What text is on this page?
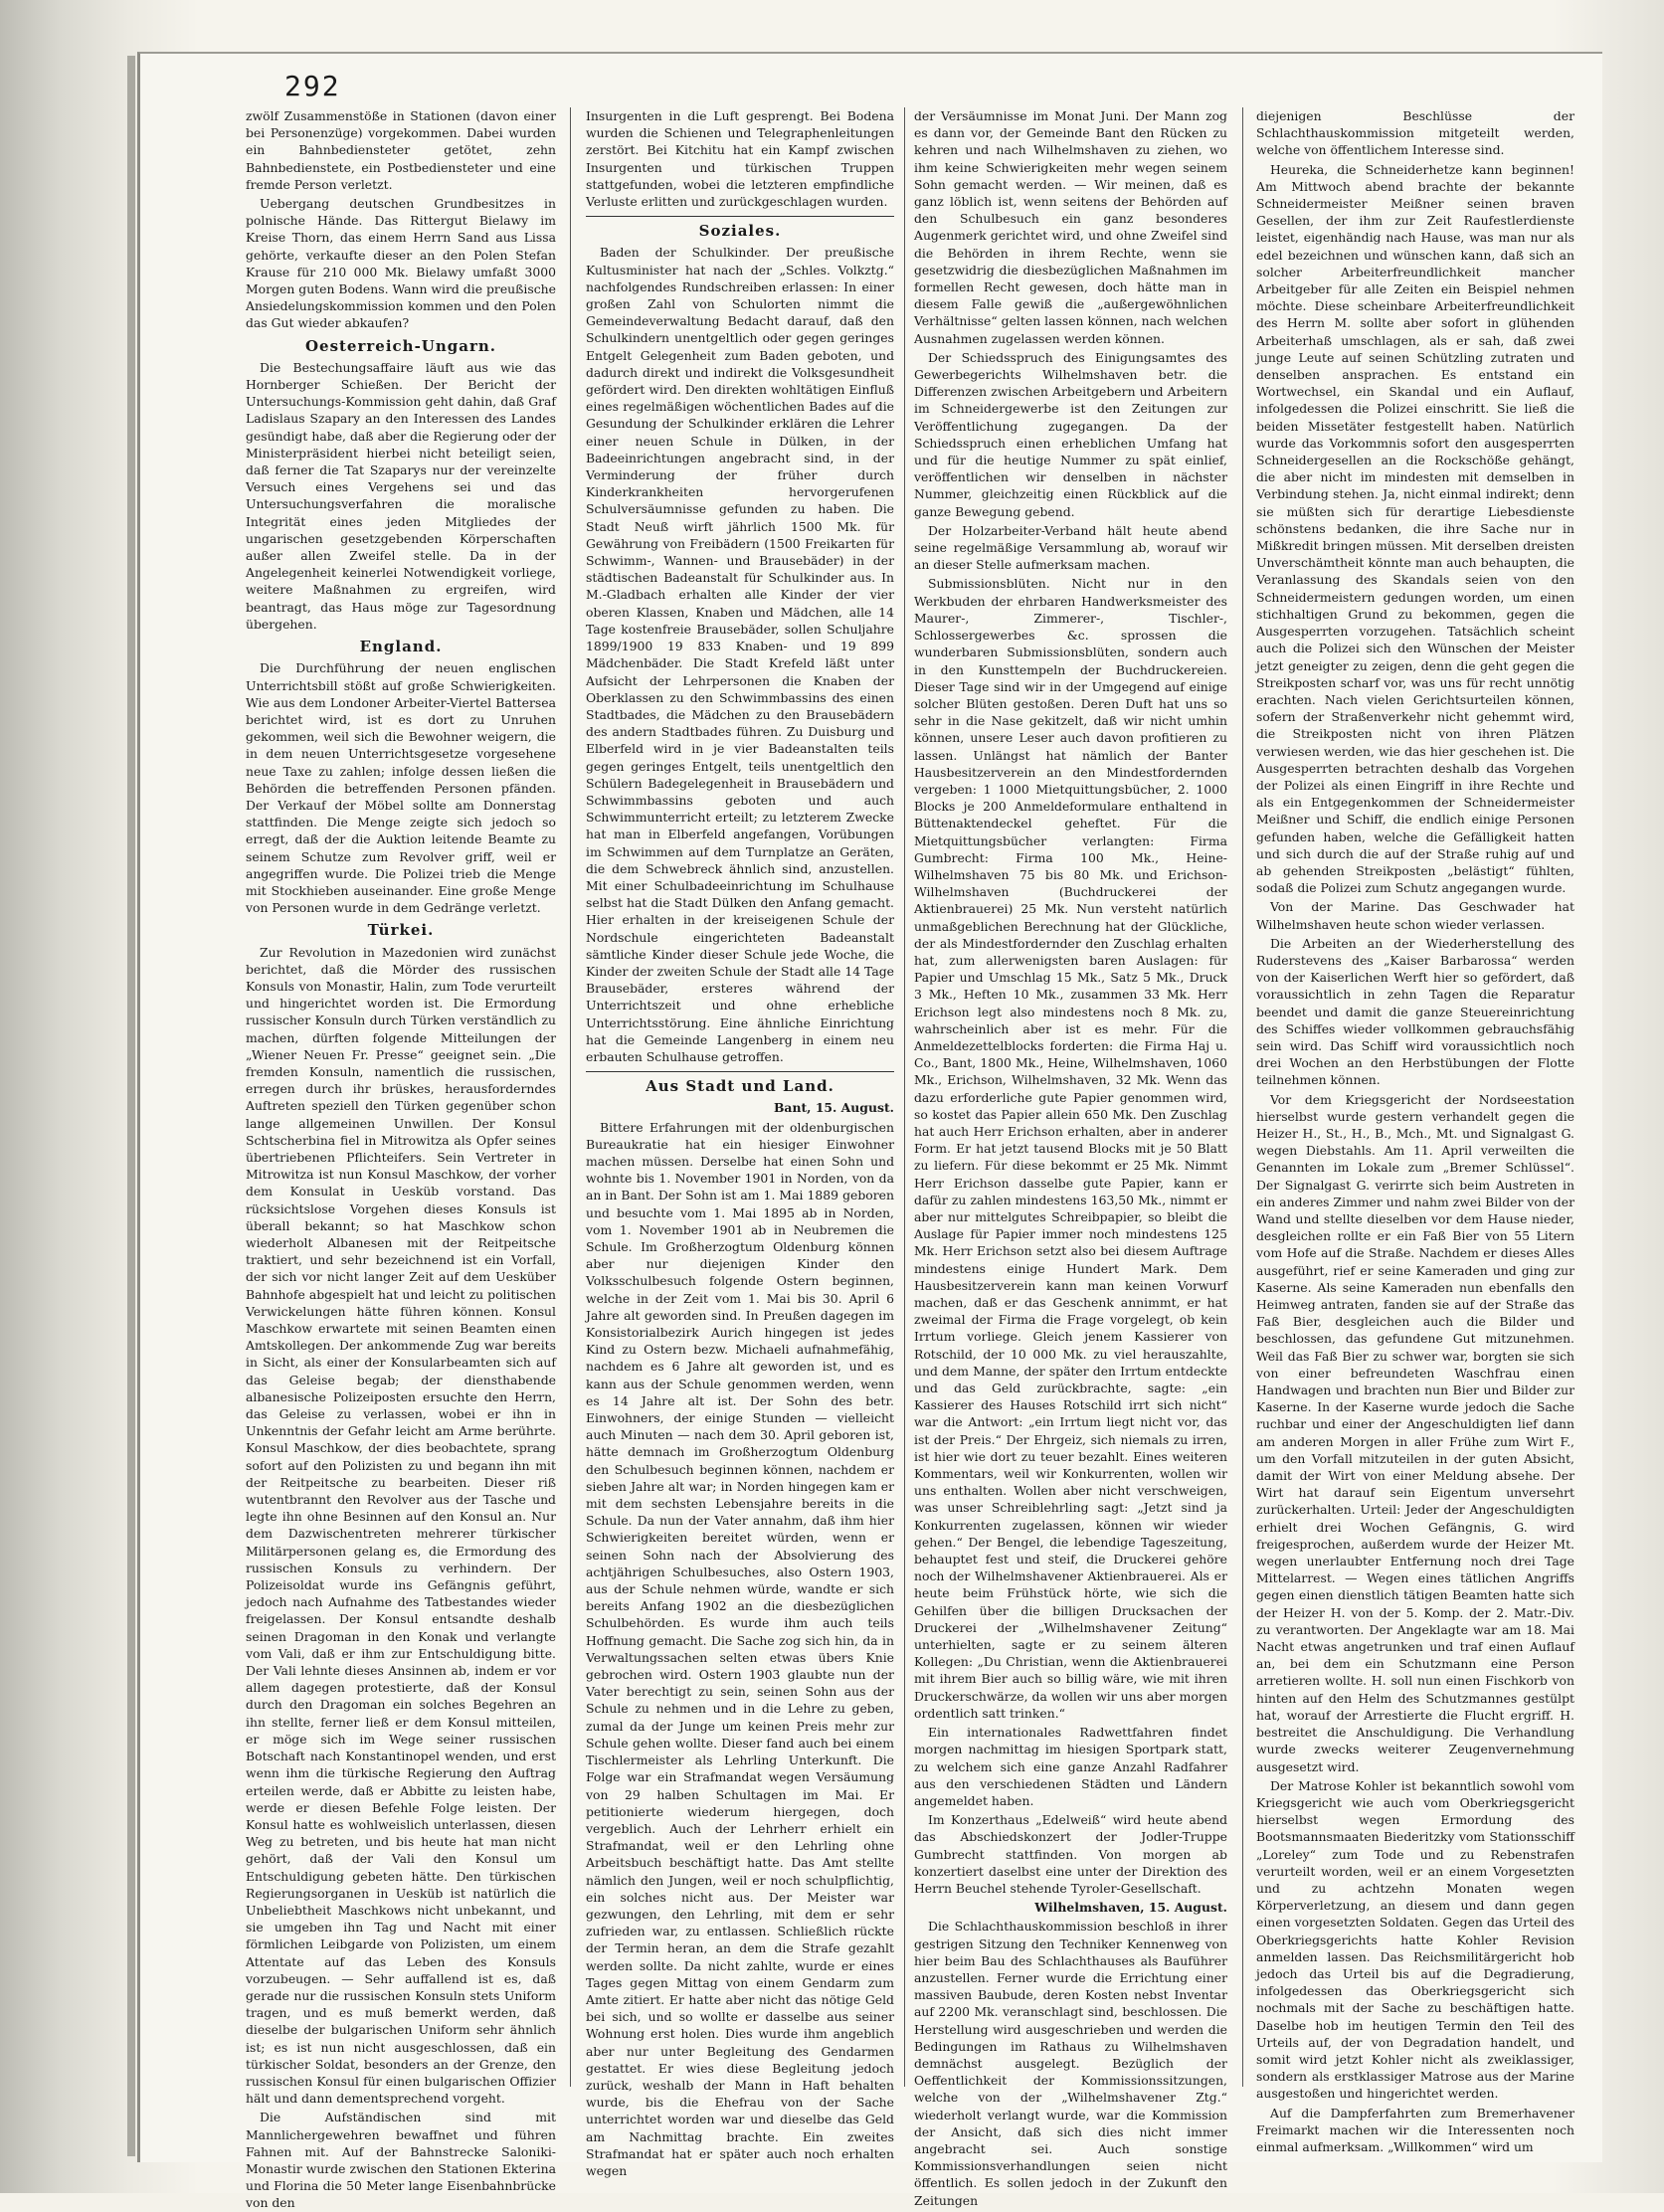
292

zwölf Zusammenstöße in Stationen (davon einer bei Personenzüge) vorgekommen. Dabei wurden ein Bahnbediensteter getötet, zehn Bahnbedienstete, ein Postbediensteter und eine fremde Person verletzt.

Uebergang deutschen Grundbesitzes in polnische Hände. Das Rittergut Bielawy im Kreise Thorn, das einem Herrn Sand aus Lissa gehörte, verkaufte dieser an den Polen Stefan Krause für 210 000 Mk. Bielawy umfaßt 3000 Morgen guten Bodens. Wann wird die preußische Ansiedelungskommission kommen und den Polen das Gut wieder abkaufen?

Oesterreich-Ungarn.

Die Bestechungsaffaire läuft aus wie das Hornberger Schießen. Der Bericht der Untersuchungs-Kommission geht dahin, daß Graf Ladislaus Szapary an den Interessen des Landes gesündigt habe, daß aber die Regierung oder der Ministerpräsident hierbei nicht beteiligt seien, daß ferner die Tat Szaparys nur der vereinzelte Versuch eines Vergehens sei und das Untersuchungsverfahren die moralische Integrität eines jeden Mitgliedes der ungarischen gesetzgebenden Körperschaften außer allen Zweifel stelle. Da in der Angelegenheit keinerlei Notwendigkeit vorliege, weitere Maßnahmen zu ergreifen, wird beantragt, das Haus möge zur Tagesordnung übergehen.

England.

Die Durchführung der neuen englischen Unterrichtsbill stößt auf große Schwierigkeiten. Wie aus dem Londoner Arbeiter-Viertel Battersea berichtet wird, ist es dort zu Unruhen gekommen, weil sich die Bewohner weigern, die in dem neuen Unterrichtsgesetze vorgesehene neue Taxe zu zahlen; infolge dessen ließen die Behörden die betreffenden Personen pfänden. Der Verkauf der Möbel sollte am Donnerstag stattfinden. Die Menge zeigte sich jedoch so erregt, daß der die Auktion leitende Beamte zu seinem Schutze zum Revolver griff, weil er angegriffen wurde. Die Polizei trieb die Menge mit Stockhieben auseinander. Eine große Menge von Personen wurde in dem Gedränge verletzt.

Türkei.

Zur Revolution in Mazedonien wird zunächst berichtet, daß die Mörder des russischen Konsuls von Monastir, Halin, zum Tode verurteilt und hingerichtet worden ist. Die Ermordung russischer Konsuln durch Türken verständlich zu machen, dürften folgende Mitteilungen der „Wiener Neuen Fr. Presse“ geeignet sein. „Die fremden Konsuln, namentlich die russischen, erregen durch ihr brüskes, herausforderndes Auftreten speziell den Türken gegenüber schon lange allgemeinen Unwillen. Der Konsul Schtscherbina fiel in Mitrowitza als Opfer seines übertriebenen Pflichteifers. Sein Vertreter in Mitrowitza ist nun Konsul Maschkow, der vorher dem Konsulat in Uesküb vorstand. Das rücksichtslose Vorgehen dieses Konsuls ist überall bekannt; so hat Maschkow schon wiederholt Albanesen mit der Reitpeitsche traktiert, und sehr bezeichnend ist ein Vorfall, der sich vor nicht langer Zeit auf dem Uesküber Bahnhofe abgespielt hat und leicht zu politischen Verwickelungen hätte führen können. Konsul Maschkow erwartete mit seinen Beamten einen Amtskollegen. Der ankommende Zug war bereits in Sicht, als einer der Konsularbeamten sich auf das Geleise begab; der diensthabende albanesische Polizeiposten ersuchte den Herrn, das Geleise zu verlassen, wobei er ihn in Unkenntnis der Gefahr leicht am Arme berührte. Konsul Maschkow, der dies beobachtete, sprang sofort auf den Polizisten zu und begann ihn mit der Reitpeitsche zu bearbeiten. Dieser riß wutentbrannt den Revolver aus der Tasche und legte ihn ohne Besinnen auf den Konsul an. Nur dem Dazwischentreten mehrerer türkischer Militärpersonen gelang es, die Ermordung des russischen Konsuls zu verhindern. Der Polizeisoldat wurde ins Gefängnis geführt, jedoch nach Aufnahme des Tatbestandes wieder freigelassen. Der Konsul entsandte deshalb seinen Dragoman in den Konak und verlangte vom Vali, daß er ihm zur Entschuldigung bitte. Der Vali lehnte dieses Ansinnen ab, indem er vor allem dagegen protestierte, daß der Konsul durch den Dragoman ein solches Begehren an ihn stellte, ferner ließ er dem Konsul mitteilen, er möge sich im Wege seiner russischen Botschaft nach Konstantinopel wenden, und erst wenn ihm die türkische Regierung den Auftrag erteilen werde, daß er Abbitte zu leisten habe, werde er diesen Befehle Folge leisten. Der Konsul hatte es wohlweislich unterlassen, diesen Weg zu betreten, und bis heute hat man nicht gehört, daß der Vali den Konsul um Entschuldigung gebeten hätte. Den türkischen Regierungsorganen in Uesküb ist natürlich die Unbeliebtheit Maschkows nicht unbekannt, und sie umgeben ihn Tag und Nacht mit einer förmlichen Leibgarde von Polizisten, um einem Attentate auf das Leben des Konsuls vorzubeugen. — Sehr auffallend ist es, daß gerade nur die russischen Konsuln stets Uniform tragen, und es muß bemerkt werden, daß dieselbe der bulgarischen Uniform sehr ähnlich ist; es ist nun nicht ausgeschlossen, daß ein türkischer Soldat, besonders an der Grenze, den russischen Konsul für einen bulgarischen Offizier hält und dann dementsprechend vorgeht.

Die Aufständischen sind mit Mannlichergewehren bewaffnet und führen Fahnen mit. Auf der Bahnstrecke Saloniki-Monastir wurde zwischen den Stationen Ekterina und Florina die 50 Meter lange Eisenbahnbrücke von den

Insurgenten in die Luft gesprengt. Bei Bodena wurden die Schienen und Telegraphenleitungen zerstört. Bei Kitchitu hat ein Kampf zwischen Insurgenten und türkischen Truppen stattgefunden, wobei die letzteren empfindliche Verluste erlitten und zurückgeschlagen wurden.

Soziales.

Baden der Schulkinder. Der preußische Kultusminister hat nach der „Schles. Volkztg.“ nachfolgendes Rundschreiben erlassen: In einer großen Zahl von Schulorten nimmt die Gemeindeverwaltung Bedacht darauf, daß den Schulkindern unentgeltlich oder gegen geringes Entgelt Gelegenheit zum Baden geboten, und dadurch direkt und indirekt die Volksgesundheit gefördert wird. Den direkten wohltätigen Einfluß eines regelmäßigen wöchentlichen Bades auf die Gesundung der Schulkinder erklären die Lehrer einer neuen Schule in Dülken, in der Badeeinrichtungen angebracht sind, in der Verminderung der früher durch Kinderkrankheiten hervorgerufenen Schulversäumnisse gefunden zu haben. Die Stadt Neuß wirft jährlich 1500 Mk. für Gewährung von Freibädern (1500 Freikarten für Schwimm-, Wannen- und Brausebäder) in der städtischen Badeanstalt für Schulkinder aus. In M.-Gladbach erhalten alle Kinder der vier oberen Klassen, Knaben und Mädchen, alle 14 Tage kostenfreie Brausebäder, sollen Schuljahre 1899/1900 19 833 Knaben- und 19 899 Mädchenbäder. Die Stadt Krefeld läßt unter Aufsicht der Lehrpersonen die Knaben der Oberklassen zu den Schwimmbassins des einen Stadtbades, die Mädchen zu den Brausebädern des andern Stadtbades führen. Zu Duisburg und Elberfeld wird in je vier Badeanstalten teils gegen geringes Entgelt, teils unentgeltlich den Schülern Badegelegenheit in Brausebädern und Schwimmbassins geboten und auch Schwimmunterricht erteilt; zu letzterem Zwecke hat man in Elberfeld angefangen, Vorübungen im Schwimmen auf dem Turnplatze an Geräten, die dem Schwebreck ähnlich sind, anzustellen. Mit einer Schulbadeeinrichtung im Schulhause selbst hat die Stadt Dülken den Anfang gemacht. Hier erhalten in der kreiseigenen Schule der Nordschule eingerichteten Badeanstalt sämtliche Kinder dieser Schule jede Woche, die Kinder der zweiten Schule der Stadt alle 14 Tage Brausebäder, ersteres während der Unterrichtszeit und ohne erhebliche Unterrichtsstörung. Eine ähnliche Einrichtung hat die Gemeinde Langenberg in einem neu erbauten Schulhause getroffen.

Aus Stadt und Land.
Bant, 15. August.

Bittere Erfahrungen mit der oldenburgischen Bureaukratie hat ein hiesiger Einwohner machen müssen. Derselbe hat einen Sohn und wohnte bis 1. November 1901 in Norden, von da an in Bant. Der Sohn ist am 1. Mai 1889 geboren und besuchte vom 1. Mai 1895 ab in Norden, vom 1. November 1901 ab in Neubremen die Schule. Im Großherzogtum Oldenburg können aber nur diejenigen Kinder den Volksschulbesuch folgende Ostern beginnen, welche in der Zeit vom 1. Mai bis 30. April 6 Jahre alt geworden sind. In Preußen dagegen im Konsistorialbezirk Aurich hingegen ist jedes Kind zu Ostern bezw. Michaeli aufnahmefähig, nachdem es 6 Jahre alt geworden ist, und es kann aus der Schule genommen werden, wenn es 14 Jahre alt ist. Der Sohn des betr. Einwohners, der einige Stunden — vielleicht auch Minuten — nach dem 30. April geboren ist, hätte demnach im Großherzogtum Oldenburg den Schulbesuch beginnen können, nachdem er sieben Jahre alt war; in Norden hingegen kam er mit dem sechsten Lebensjahre bereits in die Schule. Da nun der Vater annahm, daß ihm hier Schwierigkeiten bereitet würden, wenn er seinen Sohn nach der Absolvierung des achtjährigen Schulbesuches, also Ostern 1903, aus der Schule nehmen würde, wandte er sich bereits Anfang 1902 an die diesbezüglichen Schulbehörden. Es wurde ihm auch teils Hoffnung gemacht. Die Sache zog sich hin, da in Verwaltungssachen selten etwas übers Knie gebrochen wird. Ostern 1903 glaubte nun der Vater berechtigt zu sein, seinen Sohn aus der Schule zu nehmen und in die Lehre zu geben, zumal da der Junge um keinen Preis mehr zur Schule gehen wollte. Dieser fand auch bei einem Tischlermeister als Lehrling Unterkunft. Die Folge war ein Strafmandat wegen Versäumung von 29 halben Schultagen im Mai. Er petitionierte wiederum hiergegen, doch vergeblich. Auch der Lehrherr erhielt ein Strafmandat, weil er den Lehrling ohne Arbeitsbuch beschäftigt hatte. Das Amt stellte nämlich den Jungen, weil er noch schulpflichtig, ein solches nicht aus. Der Meister war gezwungen, den Lehrling, mit dem er sehr zufrieden war, zu entlassen. Schließlich rückte der Termin heran, an dem die Strafe gezahlt werden sollte. Da nicht zahlte, wurde er eines Tages gegen Mittag von einem Gendarm zum Amte zitiert. Er hatte aber nicht das nötige Geld bei sich, und so wollte er dasselbe aus seiner Wohnung erst holen. Dies wurde ihm angeblich aber nur unter Begleitung des Gendarmen gestattet. Er wies diese Begleitung jedoch zurück, weshalb der Mann in Haft behalten wurde, bis die Ehefrau von der Sache unterrichtet worden war und dieselbe das Geld am Nachmittag brachte. Ein zweites Strafmandat hat er später auch noch erhalten wegen

der Versäumnisse im Monat Juni. Der Mann zog es dann vor, der Gemeinde Bant den Rücken zu kehren und nach Wilhelmshaven zu ziehen, wo ihm keine Schwierigkeiten mehr wegen seinem Sohn gemacht werden. — Wir meinen, daß es ganz löblich ist, wenn seitens der Behörden auf den Schulbesuch ein ganz besonderes Augenmerk gerichtet wird, und ohne Zweifel sind die Behörden in ihrem Rechte, wenn sie gesetzwidrig die diesbezüglichen Maßnahmen im formellen Recht gewesen, doch hätte man in diesem Falle gewiß die „außergewöhnlichen Verhältnisse“ gelten lassen können, nach welchen Ausnahmen zugelassen werden können.

Der Schiedsspruch des Einigungsamtes des Gewerbegerichts Wilhelmshaven betr. die Differenzen zwischen Arbeitgebern und Arbeitern im Schneidergewerbe ist den Zeitungen zur Veröffentlichung zugegangen. Da der Schiedsspruch einen erheblichen Umfang hat und für die heutige Nummer zu spät einlief, veröffentlichen wir denselben in nächster Nummer, gleichzeitig einen Rückblick auf die ganze Bewegung gebend.

Der Holzarbeiter-Verband hält heute abend seine regelmäßige Versammlung ab, worauf wir an dieser Stelle aufmerksam machen.

Submissionsblüten. Nicht nur in den Werkbuden der ehrbaren Handwerksmeister des Maurer-, Zimmerer-, Tischler-, Schlossergewerbes &c. sprossen die wunderbaren Submissionsblüten, sondern auch in den Kunsttempeln der Buchdruckereien. Dieser Tage sind wir in der Umgegend auf einige solcher Blüten gestoßen. Deren Duft hat uns so sehr in die Nase gekitzelt, daß wir nicht umhin können, unsere Leser auch davon profitieren zu lassen. Unlängst hat nämlich der Banter Hausbesitzerverein an den Mindestfordernden vergeben: 1 1000 Mietquittungsbücher, 2. 1000 Blocks je 200 Anmeldeformulare enthaltend in Büttenaktendeckel geheftet. Für die Mietquittungsbücher verlangten: Firma Gumbrecht: Firma 100 Mk., Heine-Wilhelmshaven 75 bis 80 Mk. und Erichson-Wilhelmshaven (Buchdruckerei der Aktienbrauerei) 25 Mk. Nun versteht natürlich unmaßgeblichen Berechnung hat der Glückliche, der als Mindestfordernder den Zuschlag erhalten hat, zum allerwenigsten baren Auslagen: für Papier und Umschlag 15 Mk., Satz 5 Mk., Druck 3 Mk., Heften 10 Mk., zusammen 33 Mk. Herr Erichson legt also mindestens noch 8 Mk. zu, wahrscheinlich aber ist es mehr. Für die Anmeldezettelblocks forderten: die Firma Haj u. Co., Bant, 1800 Mk., Heine, Wilhelmshaven, 1060 Mk., Erichson, Wilhelmshaven, 32 Mk. Wenn das dazu erforderliche gute Papier genommen wird, so kostet das Papier allein 650 Mk. Den Zuschlag hat auch Herr Erichson erhalten, aber in anderer Form. Er hat jetzt tausend Blocks mit je 50 Blatt zu liefern. Für diese bekommt er 25 Mk. Nimmt Herr Erichson dasselbe gute Papier, kann er dafür zu zahlen mindestens 163,50 Mk., nimmt er aber nur mittelgutes Schreibpapier, so bleibt die Auslage für Papier immer noch mindestens 125 Mk. Herr Erichson setzt also bei diesem Auftrage mindestens einige Hundert Mark. Dem Hausbesitzerverein kann man keinen Vorwurf machen, daß er das Geschenk annimmt, er hat zweimal der Firma die Frage vorgelegt, ob kein Irrtum vorliege. Gleich jenem Kassierer von Rotschild, der 10 000 Mk. zu viel herauszahlte, und dem Manne, der später den Irrtum entdeckte und das Geld zurückbrachte, sagte: „ein Kassierer des Hauses Rotschild irrt sich nicht“ war die Antwort: „ein Irrtum liegt nicht vor, das ist der Preis.“ Der Ehrgeiz, sich niemals zu irren, ist hier wie dort zu teuer bezahlt. Eines weiteren Kommentars, weil wir Konkurrenten, wollen wir uns enthalten. Wollen aber nicht verschweigen, was unser Schreiblehrling sagt: „Jetzt sind ja Konkurrenten zugelassen, können wir wieder gehen.“ Der Bengel, die lebendige Tageszeitung, behauptet fest und steif, die Druckerei gehöre noch der Wilhelmshavener Aktienbrauerei. Als er heute beim Frühstück hörte, wie sich die Gehilfen über die billigen Drucksachen der Druckerei der „Wilhelmshavener Zeitung“ unterhielten, sagte er zu seinem älteren Kollegen: „Du Christian, wenn die Aktienbrauerei mit ihrem Bier auch so billig wäre, wie mit ihren Druckerschwärze, da wollen wir uns aber morgen ordentlich satt trinken.“

Ein internationales Radwettfahren findet morgen nachmittag im hiesigen Sportpark statt, zu welchem sich eine ganze Anzahl Radfahrer aus den verschiedenen Städten und Ländern angemeldet haben.

Im Konzerthaus „Edelweiß“ wird heute abend das Abschiedskonzert der Jodler-Truppe Gumbrecht stattfinden. Von morgen ab konzertiert daselbst eine unter der Direktion des Herrn Beuchel stehende Tyroler-Gesellschaft.

Wilhelmshaven, 15. August.

Die Schlachthauskommission beschloß in ihrer gestrigen Sitzung den Techniker Kennenweg von hier beim Bau des Schlachthauses als Bauführer anzustellen. Ferner wurde die Errichtung einer massiven Baubude, deren Kosten nebst Inventar auf 2200 Mk. veranschlagt sind, beschlossen. Die Herstellung wird ausgeschrieben und werden die Bedingungen im Rathaus zu Wilhelmshaven demnächst ausgelegt. Bezüglich der Oeffentlichkeit der Kommissionssitzungen, welche von der „Wilhelmshavener Ztg.“ wiederholt verlangt wurde, war die Kommission der Ansicht, daß sich dies nicht immer angebracht sei. Auch sonstige Kommissionsverhandlungen seien nicht öffentlich. Es sollen jedoch in der Zukunft den Zeitungen

diejenigen Beschlüsse der Schlachthauskommission mitgeteilt werden, welche von öffentlichem Interesse sind.

Heureka, die Schneiderhetze kann beginnen! Am Mittwoch abend brachte der bekannte Schneidermeister Meißner seinen braven Gesellen, der ihm zur Zeit Raufestlerdienste leistet, eigenhändig nach Hause, was man nur als edel bezeichnen und wünschen kann, daß sich an solcher Arbeiterfreundlichkeit mancher Arbeitgeber für alle Zeiten ein Beispiel nehmen möchte. Diese scheinbare Arbeiterfreundlichkeit des Herrn M. sollte aber sofort in glühenden Arbeiterhaß umschlagen, als er sah, daß zwei junge Leute auf seinen Schützling zutraten und denselben ansprachen. Es entstand ein Wortwechsel, ein Skandal und ein Auflauf, infolgedessen die Polizei einschritt. Sie ließ die beiden Missetäter festgestellt haben. Natürlich wurde das Vorkommnis sofort den ausgesperrten Schneidergesellen an die Rockschöße gehängt, die aber nicht im mindesten mit demselben in Verbindung stehen. Ja, nicht einmal indirekt; denn sie müßten sich für derartige Liebesdienste schönstens bedanken, die ihre Sache nur in Mißkredit bringen müssen. Mit derselben dreisten Unverschämtheit könnte man auch behaupten, die Veranlassung des Skandals seien von den Schneidermeistern gedungen worden, um einen stichhaltigen Grund zu bekommen, gegen die Ausgesperrten vorzugehen. Tatsächlich scheint auch die Polizei sich den Wünschen der Meister jetzt geneigter zu zeigen, denn die geht gegen die Streikposten scharf vor, was uns für recht unnötig erachten. Nach vielen Gerichtsurteilen können, sofern der Straßenverkehr nicht gehemmt wird, die Streikposten nicht von ihren Plätzen verwiesen werden, wie das hier geschehen ist. Die Ausgesperrten betrachten deshalb das Vorgehen der Polizei als einen Eingriff in ihre Rechte und als ein Entgegenkommen der Schneidermeister Meißner und Schiff, die endlich einige Personen gefunden haben, welche die Gefälligkeit hatten und sich durch die auf der Straße ruhig auf und ab gehenden Streikposten „belästigt“ fühlten, sodaß die Polizei zum Schutz angegangen wurde.

Von der Marine. Das Geschwader hat Wilhelmshaven heute schon wieder verlassen.

Die Arbeiten an der Wiederherstellung des Ruderstevens des „Kaiser Barbarossa“ werden von der Kaiserlichen Werft hier so gefördert, daß voraussichtlich in zehn Tagen die Reparatur beendet und damit die ganze Steuereinrichtung des Schiffes wieder vollkommen gebrauchsfähig sein wird. Das Schiff wird voraussichtlich noch drei Wochen an den Herbstübungen der Flotte teilnehmen können.

Vor dem Kriegsgericht der Nordseestation hierselbst wurde gestern verhandelt gegen die Heizer H., St., H., B., Mch., Mt. und Signalgast G. wegen Diebstahls. Am 11. April verweilten die Genannten im Lokale zum „Bremer Schlüssel“. Der Signalgast G. verirrte sich beim Austreten in ein anderes Zimmer und nahm zwei Bilder von der Wand und stellte dieselben vor dem Hause nieder, desgleichen rollte er ein Faß Bier von 55 Litern vom Hofe auf die Straße. Nachdem er dieses Alles ausgeführt, rief er seine Kameraden und ging zur Kaserne. Als seine Kameraden nun ebenfalls den Heimweg antraten, fanden sie auf der Straße das Faß Bier, desgleichen auch die Bilder und beschlossen, das gefundene Gut mitzunehmen. Weil das Faß Bier zu schwer war, borgten sie sich von einer befreundeten Waschfrau einen Handwagen und brachten nun Bier und Bilder zur Kaserne. In der Kaserne wurde jedoch die Sache ruchbar und einer der Angeschuldigten lief dann am anderen Morgen in aller Frühe zum Wirt F., um den Vorfall mitzuteilen in der guten Absicht, damit der Wirt von einer Meldung absehe. Der Wirt hat darauf sein Eigentum unversehrt zurückerhalten. Urteil: Jeder der Angeschuldigten erhielt drei Wochen Gefängnis, G. wird freigesprochen, außerdem wurde der Heizer Mt. wegen unerlaubter Entfernung noch drei Tage Mittelarrest. — Wegen eines tätlichen Angriffs gegen einen dienstlich tätigen Beamten hatte sich der Heizer H. von der 5. Komp. der 2. Matr.-Div. zu verantworten. Der Angeklagte war am 18. Mai Nacht etwas angetrunken und traf einen Auflauf an, bei dem ein Schutzmann eine Person arretieren wollte. H. soll nun einen Fischkorb von hinten auf den Helm des Schutzmannes gestülpt hat, worauf der Arrestierte die Flucht ergriff. H. bestreitet die Anschuldigung. Die Verhandlung wurde zwecks weiterer Zeugenvernehmung ausgesetzt wird.

Der Matrose Kohler ist bekanntlich sowohl vom Kriegsgericht wie auch vom Oberkriegsgericht hierselbst wegen Ermordung des Bootsmannsmaaten Biederitzky vom Stationsschiff „Loreley“ zum Tode und zu Rebenstrafen verurteilt worden, weil er an einem Vorgesetzten und zu achtzehn Monaten wegen Körperverletzung, an diesem und dann gegen einen vorgesetzten Soldaten. Gegen das Urteil des Oberkriegsgerichts hatte Kohler Revision anmelden lassen. Das Reichsmilitärgericht hob jedoch das Urteil bis auf die Degradierung, infolgedessen das Oberkriegsgericht sich nochmals mit der Sache zu beschäftigen hatte. Daselbe hob im heutigen Termin den Teil des Urteils auf, der von Degradation handelt, und somit wird jetzt Kohler nicht als zweiklassiger, sondern als erstklassiger Matrose aus der Marine ausgestoßen und hingerichtet werden.

Auf die Dampferfahrten zum Bremerhavener Freimarkt machen wir die Interessenten noch einmal aufmerksam. „Willkommen“ wird um
